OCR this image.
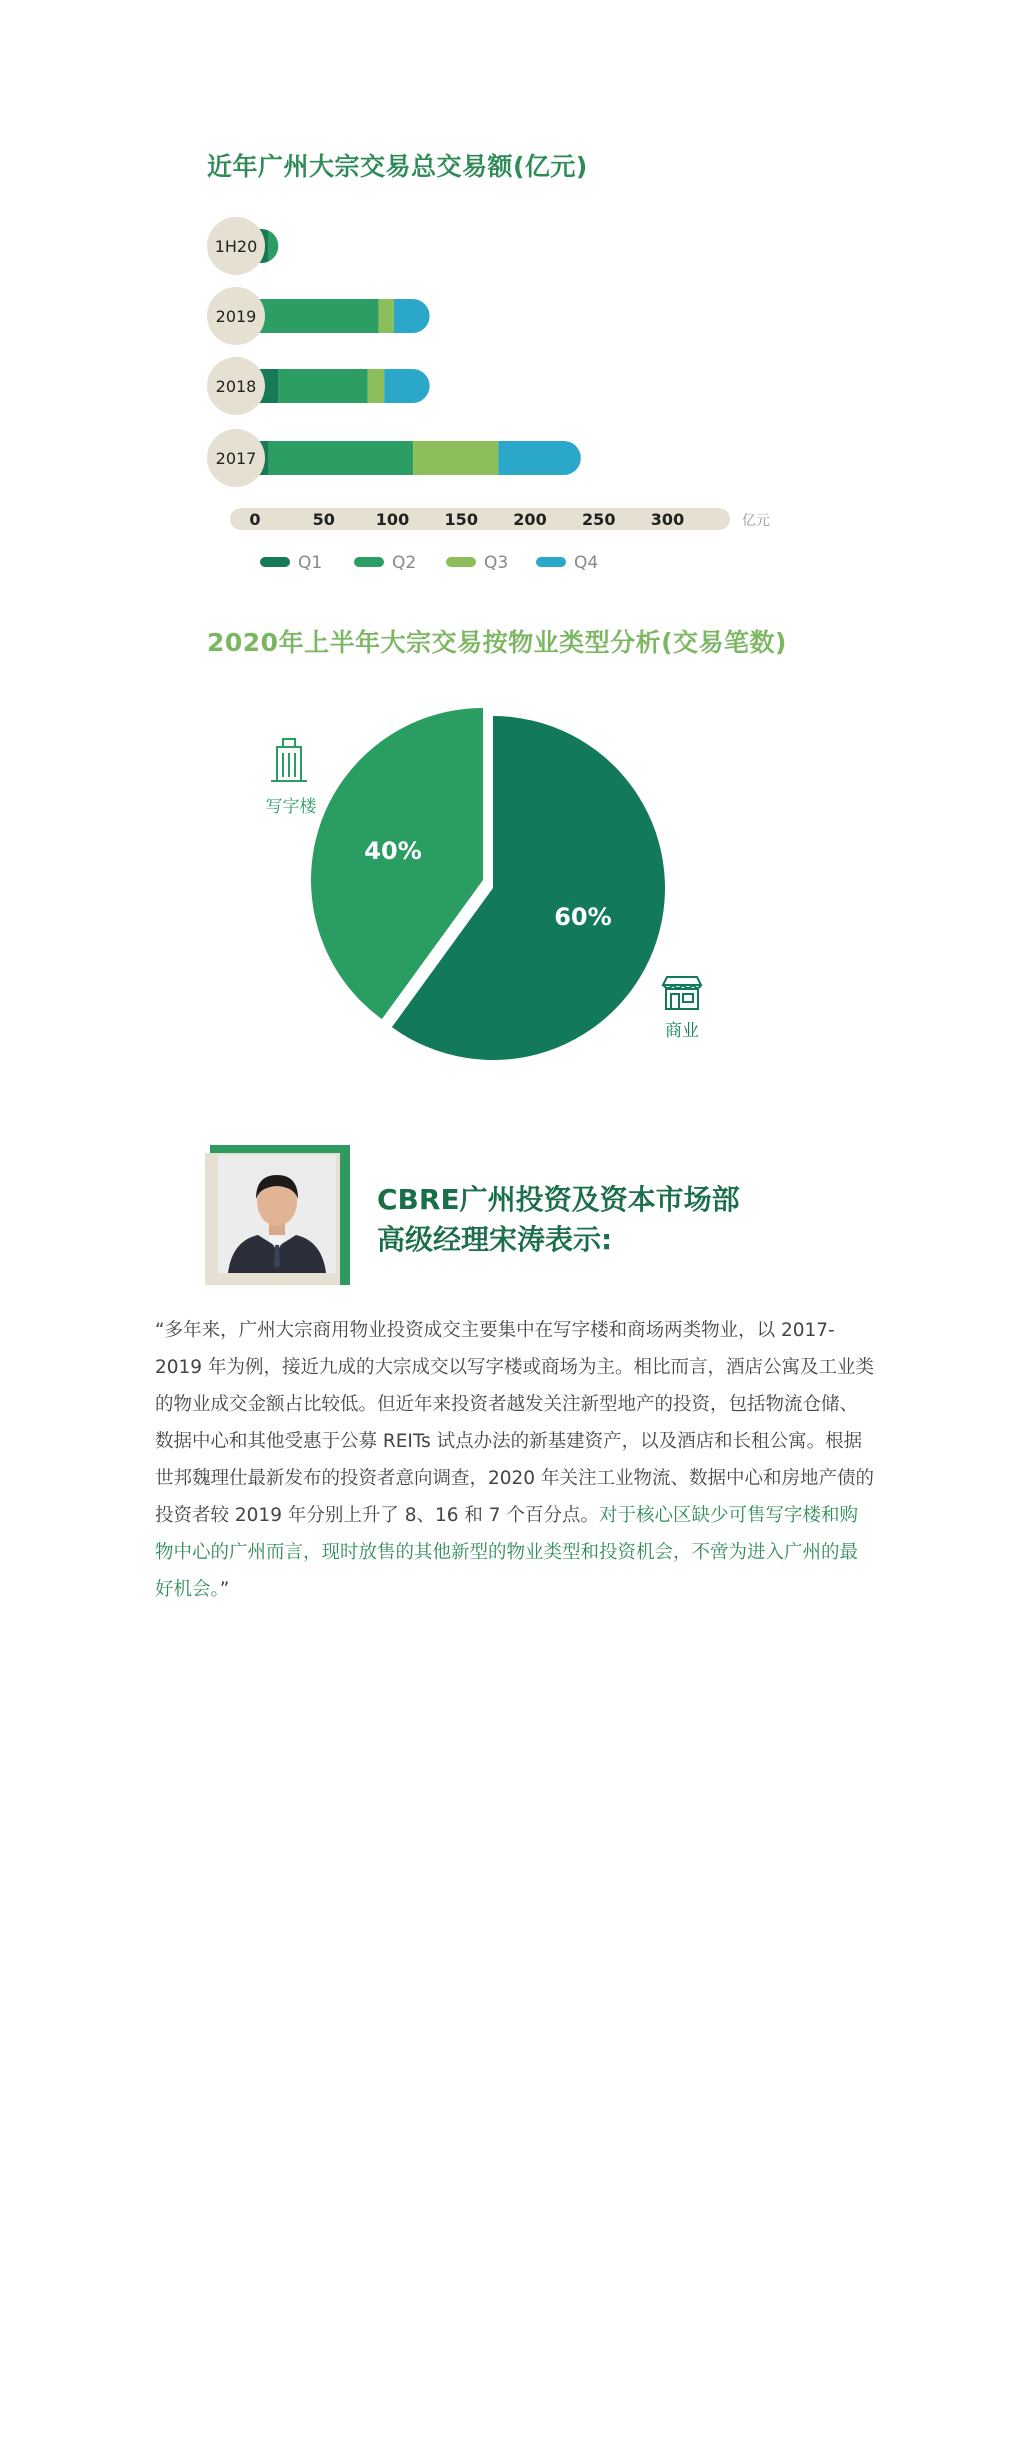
近年广州大宗交易总交易额(亿元)
1H20
2019
2018
2017
0	50	100 150 200 250 300	亿元
Q1	Q2	Q3	Q4
2020年上半年大宗交易按物业类型分析(交易笔数)
写字楼
商业
60%
40%
CBRE广州投资及资本市场部
高级经理宋涛表示:
“多年来，广州大宗商用物业投资成交主要集中在写字楼和商场两类物业，以 2017-2019 年为例，接近九成的大宗成交以写字楼或商场为主。相比而言，酒店公寓及工业类的物业成交金额占比较低。但近年来投资者越发关注新型地产的投资，包括物流仓储、数据中心和其他受惠于公募 REITs 试点办法的新基建资产，以及酒店和长租公寓。根据世邦魏理仕最新发布的投资者意向调查，2020 年关注工业物流、数据中心和房地产债的投资者较 2019 年分别上升了 8、16 和 7 个百分点。对于核心区缺少可售写字楼和购物中心的广州而言，现时放售的其他新型的物业类型和投资机会，不啻为进入广州的最好机会。”
